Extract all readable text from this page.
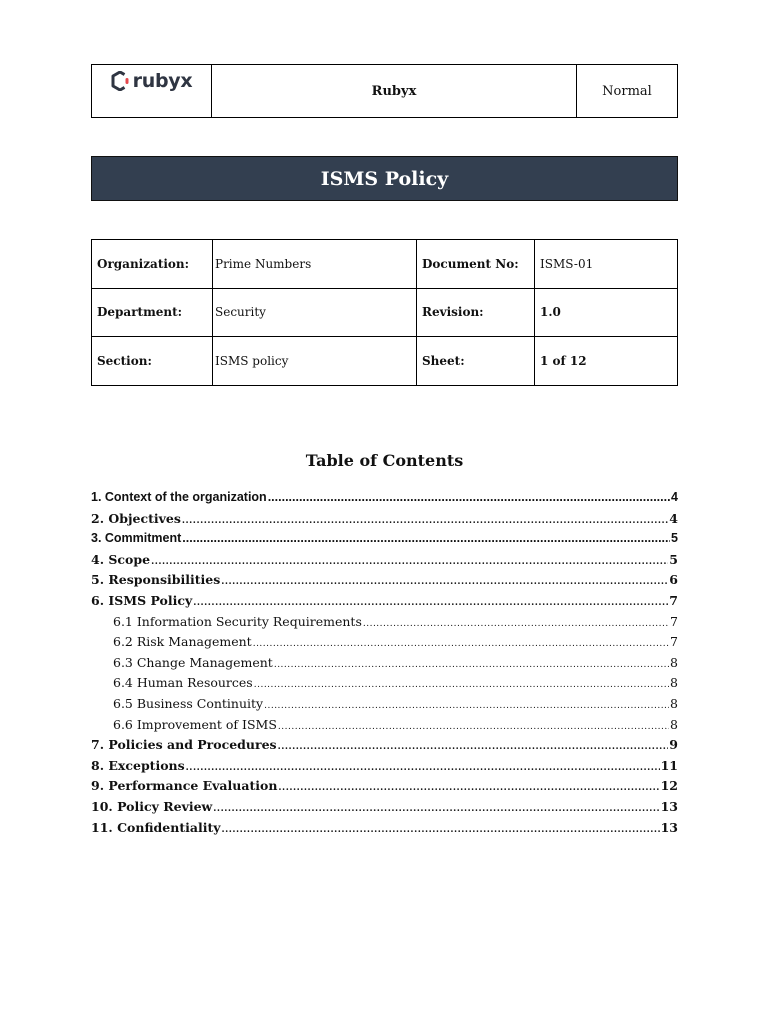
rubyx	Rubyx	Normal
ISMS Policy
Organization:	Prime Numbers	Document No:	ISMS-01
Department:	Security	Revision:	1.0
Section:	ISMS policy	Sheet:	1 of 12
Table of Contents
1. Context of the organization .....	4
2. Objectives .....	4
3. Commitment .....	5
4. Scope .....	5
5. Responsibilities .....	6
6. ISMS Policy .....	7
6.1 Information Security Requirements .....	7
6.2 Risk Management .....	7
6.3 Change Management .....	8
6.4 Human Resources .....	8
6.5 Business Continuity .....	8
6.6 Improvement of ISMS .....	8
7. Policies and Procedures .....	9
8. Exceptions .....	11
9. Performance Evaluation .....	12
10. Policy Review .....	13
11. Confidentiality .....	13
